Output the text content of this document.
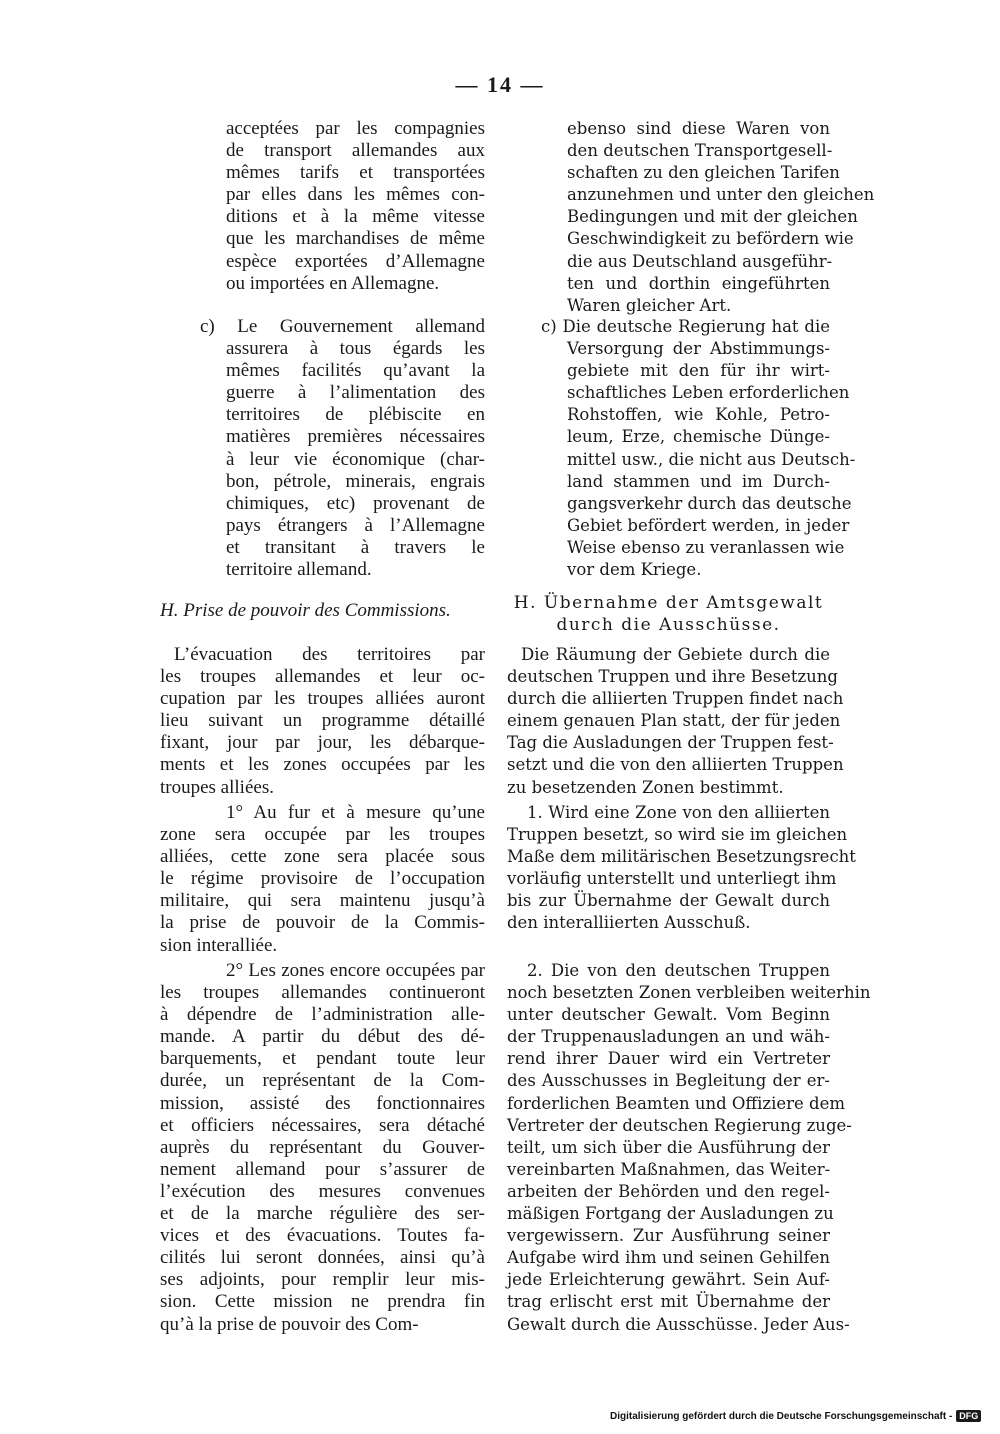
— 14 —
acceptées par les compagnies
de transport allemandes aux
mêmes tarifs et transportées
par elles dans les mêmes con-
ditions et à la même vitesse
que les marchandises de même
espèce exportées d’Allemagne
ou importées en Allemagne.
c) Le Gouvernement allemand
assurera à tous égards les
mêmes facilités qu’avant la
guerre à l’alimentation des
territoires de plébiscite en
matières premières nécessaires
à leur vie économique (char-
bon, pétrole, minerais, engrais
chimiques, etc) provenant de
pays étrangers à l’Allemagne
et transitant à travers le
territoire allemand.
H. Prise de pouvoir des Commissions.
L’évacuation des territoires par
les troupes allemandes et leur oc-
cupation par les troupes alliées auront
lieu suivant un programme détaillé
fixant, jour par jour, les débarque-
ments et les zones occupées par les
troupes alliées.
1° Au fur et à mesure qu’une
zone sera occupée par les troupes
alliées, cette zone sera placée sous
le régime provisoire de l’occupation
militaire, qui sera maintenu jusqu’à
la prise de pouvoir de la Commis-
sion interalliée.
2° Les zones encore occupées par
les troupes allemandes continueront
à dépendre de l’administration alle-
mande. A partir du début des dé-
barquements, et pendant toute leur
durée, un représentant de la Com-
mission, assisté des fonctionnaires
et officiers nécessaires, sera détaché
auprès du représentant du Gouver-
nement allemand pour s’assurer de
l’exécution des mesures convenues
et de la marche régulière des ser-
vices et des évacuations. Toutes fa-
cilités lui seront données, ainsi qu’à
ses adjoints, pour remplir leur mis-
sion. Cette mission ne prendra fin
qu’à la prise de pouvoir des Com-
ebenso sind diese Waren von
den deutschen Transportgesell-
schaften zu den gleichen Tarifen
anzunehmen und unter den gleichen
Bedingungen und mit der gleichen
Geschwindigkeit zu befördern wie
die aus Deutschland ausgeführ-
ten und dorthin eingeführten
Waren gleicher Art.
c) Die deutsche Regierung hat die
Versorgung der Abstimmungs-
gebiete mit den für ihr wirt-
schaftliches Leben erforderlichen
Rohstoffen, wie Kohle, Petro-
leum, Erze, chemische Dünge-
mittel usw., die nicht aus Deutsch-
land stammen und im Durch-
gangsverkehr durch das deutsche
Gebiet befördert werden, in jeder
Weise ebenso zu veranlassen wie
vor dem Kriege.
H. Übernahme der Amtsgewalt
durch die Ausschüsse.
Die Räumung der Gebiete durch die
deutschen Truppen und ihre Besetzung
durch die alliierten Truppen findet nach
einem genauen Plan statt, der für jeden
Tag die Ausladungen der Truppen fest-
setzt und die von den alliierten Truppen
zu besetzenden Zonen bestimmt.
1. Wird eine Zone von den alliierten
Truppen besetzt, so wird sie im gleichen
Maße dem militärischen Besetzungsrecht
vorläufig unterstellt und unterliegt ihm
bis zur Übernahme der Gewalt durch
den interalliierten Ausschuß.
2. Die von den deutschen Truppen
noch besetzten Zonen verbleiben weiterhin
unter deutscher Gewalt. Vom Beginn
der Truppenausladungen an und wäh-
rend ihrer Dauer wird ein Vertreter
des Ausschusses in Begleitung der er-
forderlichen Beamten und Offiziere dem
Vertreter der deutschen Regierung zuge-
teilt, um sich über die Ausführung der
vereinbarten Maßnahmen, das Weiter-
arbeiten der Behörden und den regel-
mäßigen Fortgang der Ausladungen zu
vergewissern. Zur Ausführung seiner
Aufgabe wird ihm und seinen Gehilfen
jede Erleichterung gewährt. Sein Auf-
trag erlischt erst mit Übernahme der
Gewalt durch die Ausschüsse. Jeder Aus-
Digitalisierung gefördert durch die Deutsche Forschungsgemeinschaft - DFG
